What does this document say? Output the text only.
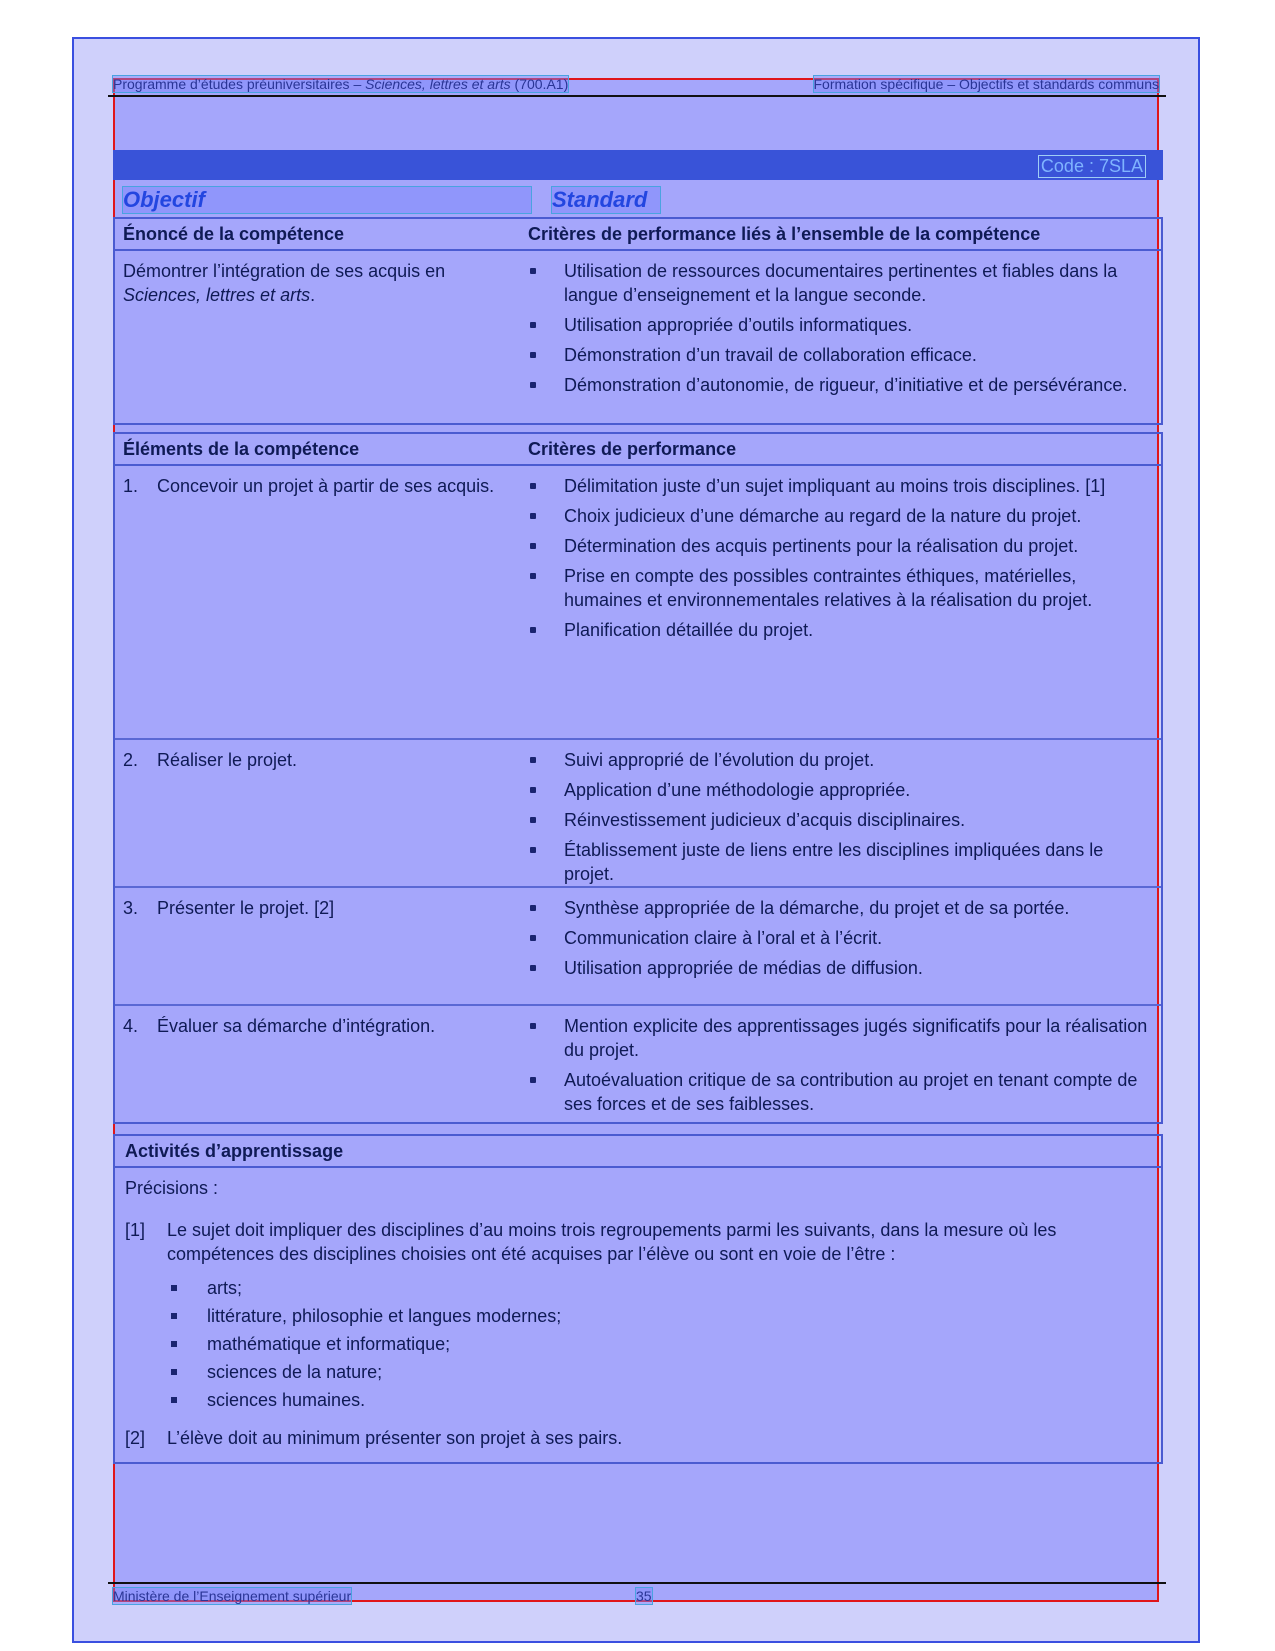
Programme d’études préuniversitaires – Sciences, lettres et arts (700.A1)	Formation spécifique – Objectifs et standards communs
Code : 7SLA
Objectif	Standard
Énoncé de la compétence	Critères de performance liés à l’ensemble de la compétence
Démontrer l’intégration de ses acquis en Sciences, lettres et arts.
Utilisation de ressources documentaires pertinentes et fiables dans la langue d’enseignement et la langue seconde.
Utilisation appropriée d’outils informatiques.
Démonstration d’un travail de collaboration efficace.
Démonstration d’autonomie, de rigueur, d’initiative et de persévérance.
Éléments de la compétence	Critères de performance
1.	Concevoir un projet à partir de ses acquis.	Délimitation juste d’un sujet impliquant au moins trois disciplines. [1]
Choix judicieux d’une démarche au regard de la nature du projet.
Détermination des acquis pertinents pour la réalisation du projet.
Prise en compte des possibles contraintes éthiques, matérielles, humaines et environnementales relatives à la réalisation du projet.
Planification détaillée du projet.
2.	Réaliser le projet.	Suivi approprié de l’évolution du projet.
Application d’une méthodologie appropriée.
Réinvestissement judicieux d’acquis disciplinaires.
Établissement juste de liens entre les disciplines impliquées dans le projet.
3.	Présenter le projet. [2]	Synthèse appropriée de la démarche, du projet et de sa portée.
Communication claire à l’oral et à l’écrit.
Utilisation appropriée de médias de diffusion.
4.	Évaluer sa démarche d’intégration.	Mention explicite des apprentissages jugés significatifs pour la réalisation du projet.
Autoévaluation critique de sa contribution au projet en tenant compte de ses forces et de ses faiblesses.
Activités d’apprentissage
Précisions :
[1]	Le sujet doit impliquer des disciplines d’au moins trois regroupements parmi les suivants, dans la mesure où les compétences des disciplines choisies ont été acquises par l’élève ou sont en voie de l’être :
arts;
littérature, philosophie et langues modernes;
mathématique et informatique;
sciences de la nature;
sciences humaines.
[2]	L’élève doit au minimum présenter son projet à ses pairs.
Ministère de l’Enseignement supérieur	35
